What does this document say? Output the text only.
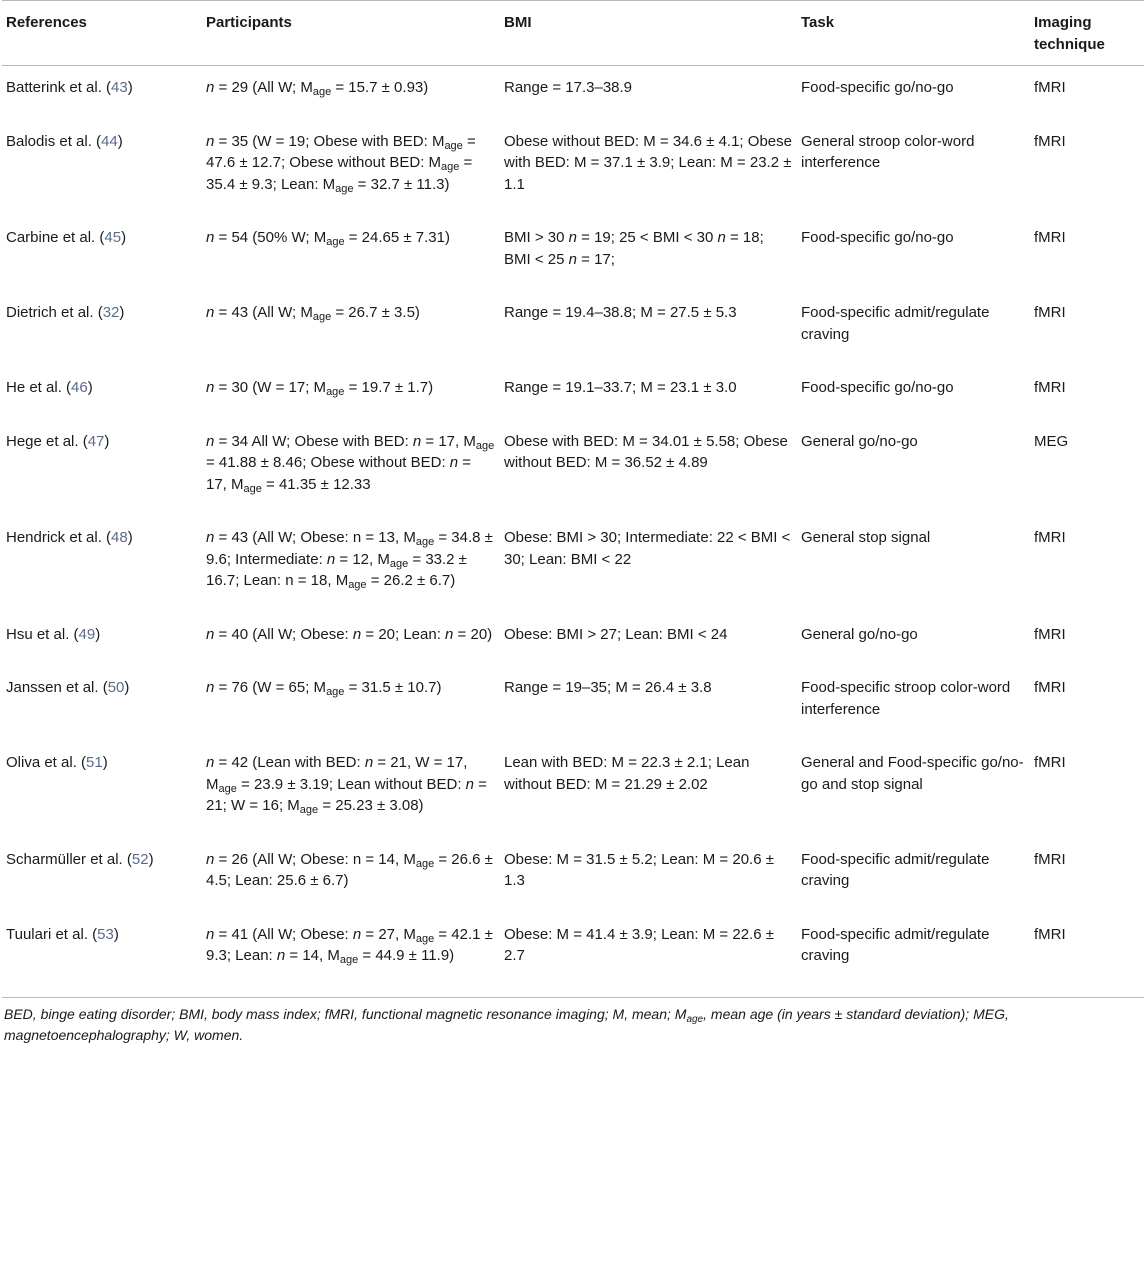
References	Participants	BMI	Task	Imaging technique
Batterink et al. (43)	n = 29 (All W; $M_{age} = 15.7 \pm 0.93$)	Range = 17.3–38.9	Food-specific go/no-go	fMRI
Balodis et al. (44)	n = 35 (W = 19; Obese with BED: $M_{age} = 47.6 \pm 12.7$; Obese without BED: $M_{age} = 35.4 \pm 9.3$; Lean: $M_{age} = 32.7 \pm 11.3$)	Obese without BED: M = 34.6 ± 4.1; Obese with BED: M = 37.1 ± 3.9; Lean: M = 23.2 ± 1.1	General stroop color-word interference	fMRI
Carbine et al. (45)	n = 54 (50% W; $M_{age} = 24.65 \pm 7.31$)	BMI > 30 n = 19; 25 < BMI < 30 n = 18; BMI < 25 n = 17;	Food-specific go/no-go	fMRI
Dietrich et al. (32)	n = 43 (All W; $M_{age} = 26.7 \pm 3.5$)	Range = 19.4–38.8; M = 27.5 ± 5.3	Food-specific admit/regulate craving	fMRI
He et al. (46)	n = 30 (W = 17; $M_{age} = 19.7 \pm 1.7$)	Range = 19.1–33.7; M = 23.1 ± 3.0	Food-specific go/no-go	fMRI
Hege et al. (47)	n = 34 All W; Obese with BED: n = 17, $M_{age} = 41.88 \pm 8.46$; Obese without BED: n = 17, $M_{age} = 41.35 \pm 12.33$	Obese with BED: M = 34.01 ± 5.58; Obese without BED: M = 36.52 ± 4.89	General go/no-go	MEG
Hendrick et al. (48)	n = 43 (All W; Obese: n = 13, $M_{age} = 34.8 \pm 9.6$; Intermediate: n = 12, $M_{age} = 33.2 \pm 16.7$; Lean: n = 18, $M_{age} = 26.2 \pm 6.7$)	Obese: BMI > 30; Intermediate: 22 < BMI < 30; Lean: BMI < 22	General stop signal	fMRI
Hsu et al. (49)	n = 40 (All W; Obese: n = 20; Lean: n = 20)	Obese: BMI > 27; Lean: BMI < 24	General go/no-go	fMRI
Janssen et al. (50)	n = 76 (W = 65; $M_{age} = 31.5 \pm 10.7$)	Range = 19–35; M = 26.4 ± 3.8	Food-specific stroop color-word interference	fMRI
Oliva et al. (51)	n = 42 (Lean with BED: n = 21, W = 17, $M_{age} = 23.9 \pm 3.19$; Lean without BED: n = 21; W = 16; $M_{age} = 25.23 \pm 3.08$)	Lean with BED: M = 22.3 ± 2.1; Lean without BED: M = 21.29 ± 2.02	General and Food-specific go/no-go and stop signal	fMRI
Scharmüller et al. (52)	n = 26 (All W; Obese: n = 14, $M_{age} = 26.6 \pm 4.5$; Lean: 25.6 ± 6.7)	Obese: M = 31.5 ± 5.2; Lean: M = 20.6 ± 1.3	Food-specific admit/regulate craving	fMRI
Tuulari et al. (53)	n = 41 (All W; Obese: n = 27, $M_{age} = 42.1 \pm 9.3$; Lean: n = 14, $M_{age} = 44.9 \pm 11.9$)	Obese: M = 41.4 ± 3.9; Lean: M = 22.6 ± 2.7	Food-specific admit/regulate craving	fMRI
BED, binge eating disorder; BMI, body mass index; fMRI, functional magnetic resonance imaging; M, mean; $M_{age}$, mean age (in years ± standard deviation); MEG, magnetoencephalography; W, women.
